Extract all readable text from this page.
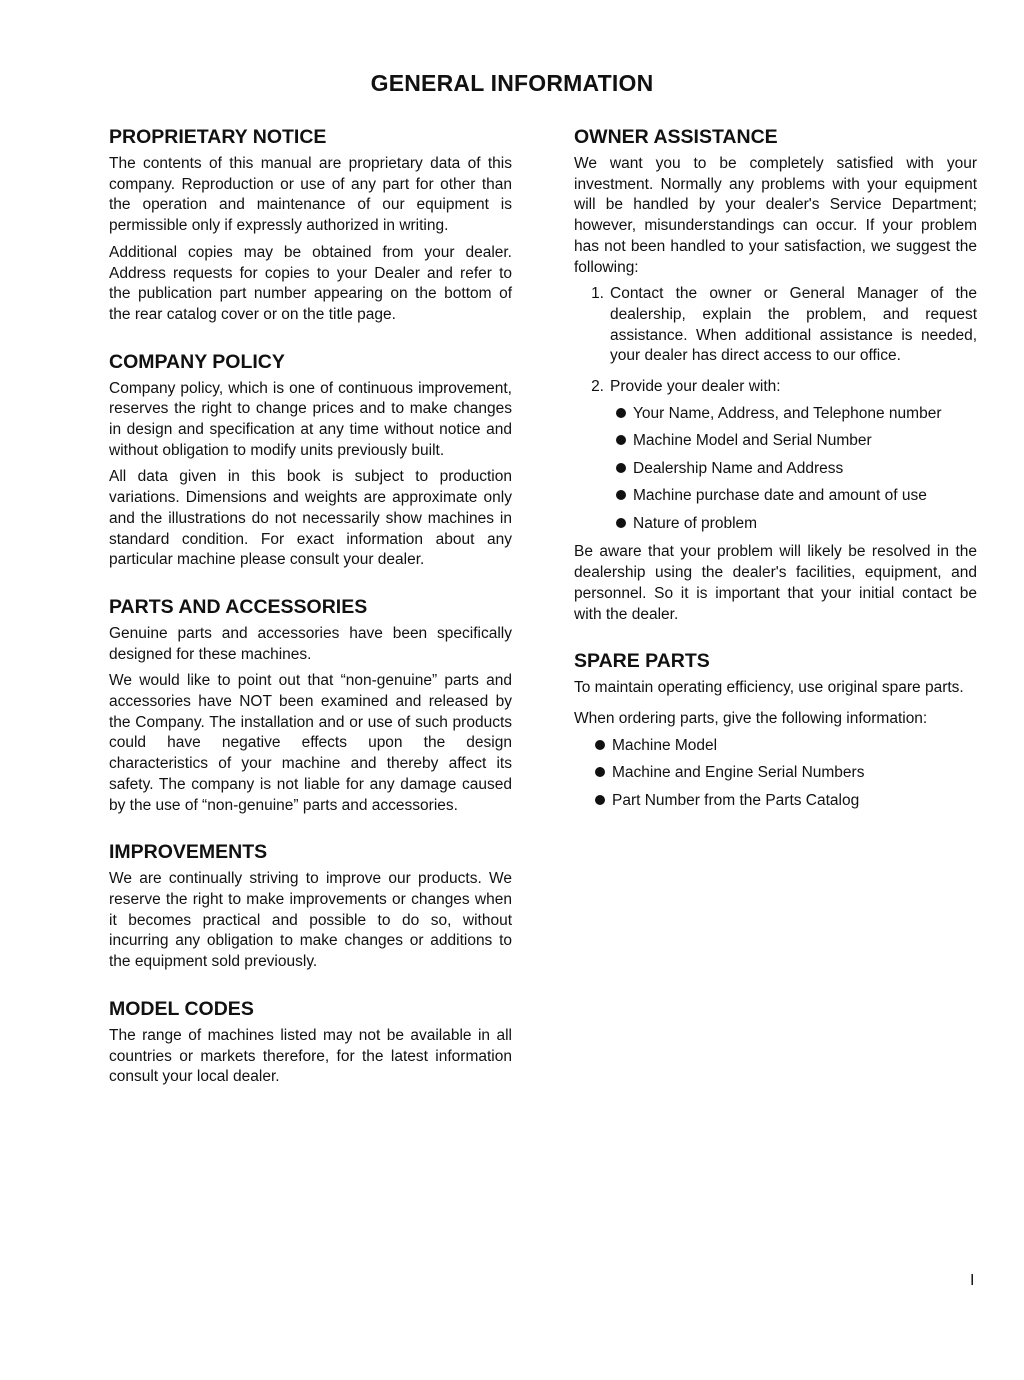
GENERAL INFORMATION
PROPRIETARY NOTICE

The contents of this manual are proprietary data of this company. Reproduction or use of any part for other than the operation and maintenance of our equipment is permissible only if expressly authorized in writing.

Additional copies may be obtained from your dealer. Address requests for copies to your Dealer and refer to the publication part number appearing on the bottom of the rear catalog cover or on the title page.

COMPANY POLICY

Company policy, which is one of continuous improvement, reserves the right to change prices and to make changes in design and specification at any time without notice and without obligation to modify units previously built.

All data given in this book is subject to production variations. Dimensions and weights are approximate only and the illustrations do not necessarily show machines in standard condition. For exact information about any particular machine please consult your dealer.

PARTS AND ACCESSORIES

Genuine parts and accessories have been specifically designed for these machines.

We would like to point out that “non-genuine” parts and accessories have NOT been examined and released by the Company. The installation and or use of such products could have negative effects upon the design characteristics of your machine and thereby affect its safety. The company is not liable for any damage caused by the use of “non-genuine” parts and accessories.

IMPROVEMENTS

We are continually striving to improve our products. We reserve the right to make improvements or changes when it becomes practical and possible to do so, without incurring any obligation to make changes or additions to the equipment sold previously.

MODEL CODES

The range of machines listed may not be available in all countries or markets therefore, for the latest information consult your local dealer.

OWNER ASSISTANCE

We want you to be completely satisfied with your investment. Normally any problems with your equipment will be handled by your dealer's Service Department; however, misunderstandings can occur. If your problem has not been handled to your satisfaction, we suggest the following:

1. Contact the owner or General Manager of the dealership, explain the problem, and request assistance. When additional assistance is needed, your dealer has direct access to our office.
2. Provide your dealer with:
Your Name, Address, and Telephone number
Machine Model and Serial Number
Dealership Name and Address
Machine purchase date and amount of use
Nature of problem

Be aware that your problem will likely be resolved in the dealership using the dealer's facilities, equipment, and personnel. So it is important that your initial contact be with the dealer.

SPARE PARTS

To maintain operating efficiency, use original spare parts.

When ordering parts, give the following information:

Machine Model
Machine and Engine Serial Numbers
Part Number from the Parts Catalog
I
